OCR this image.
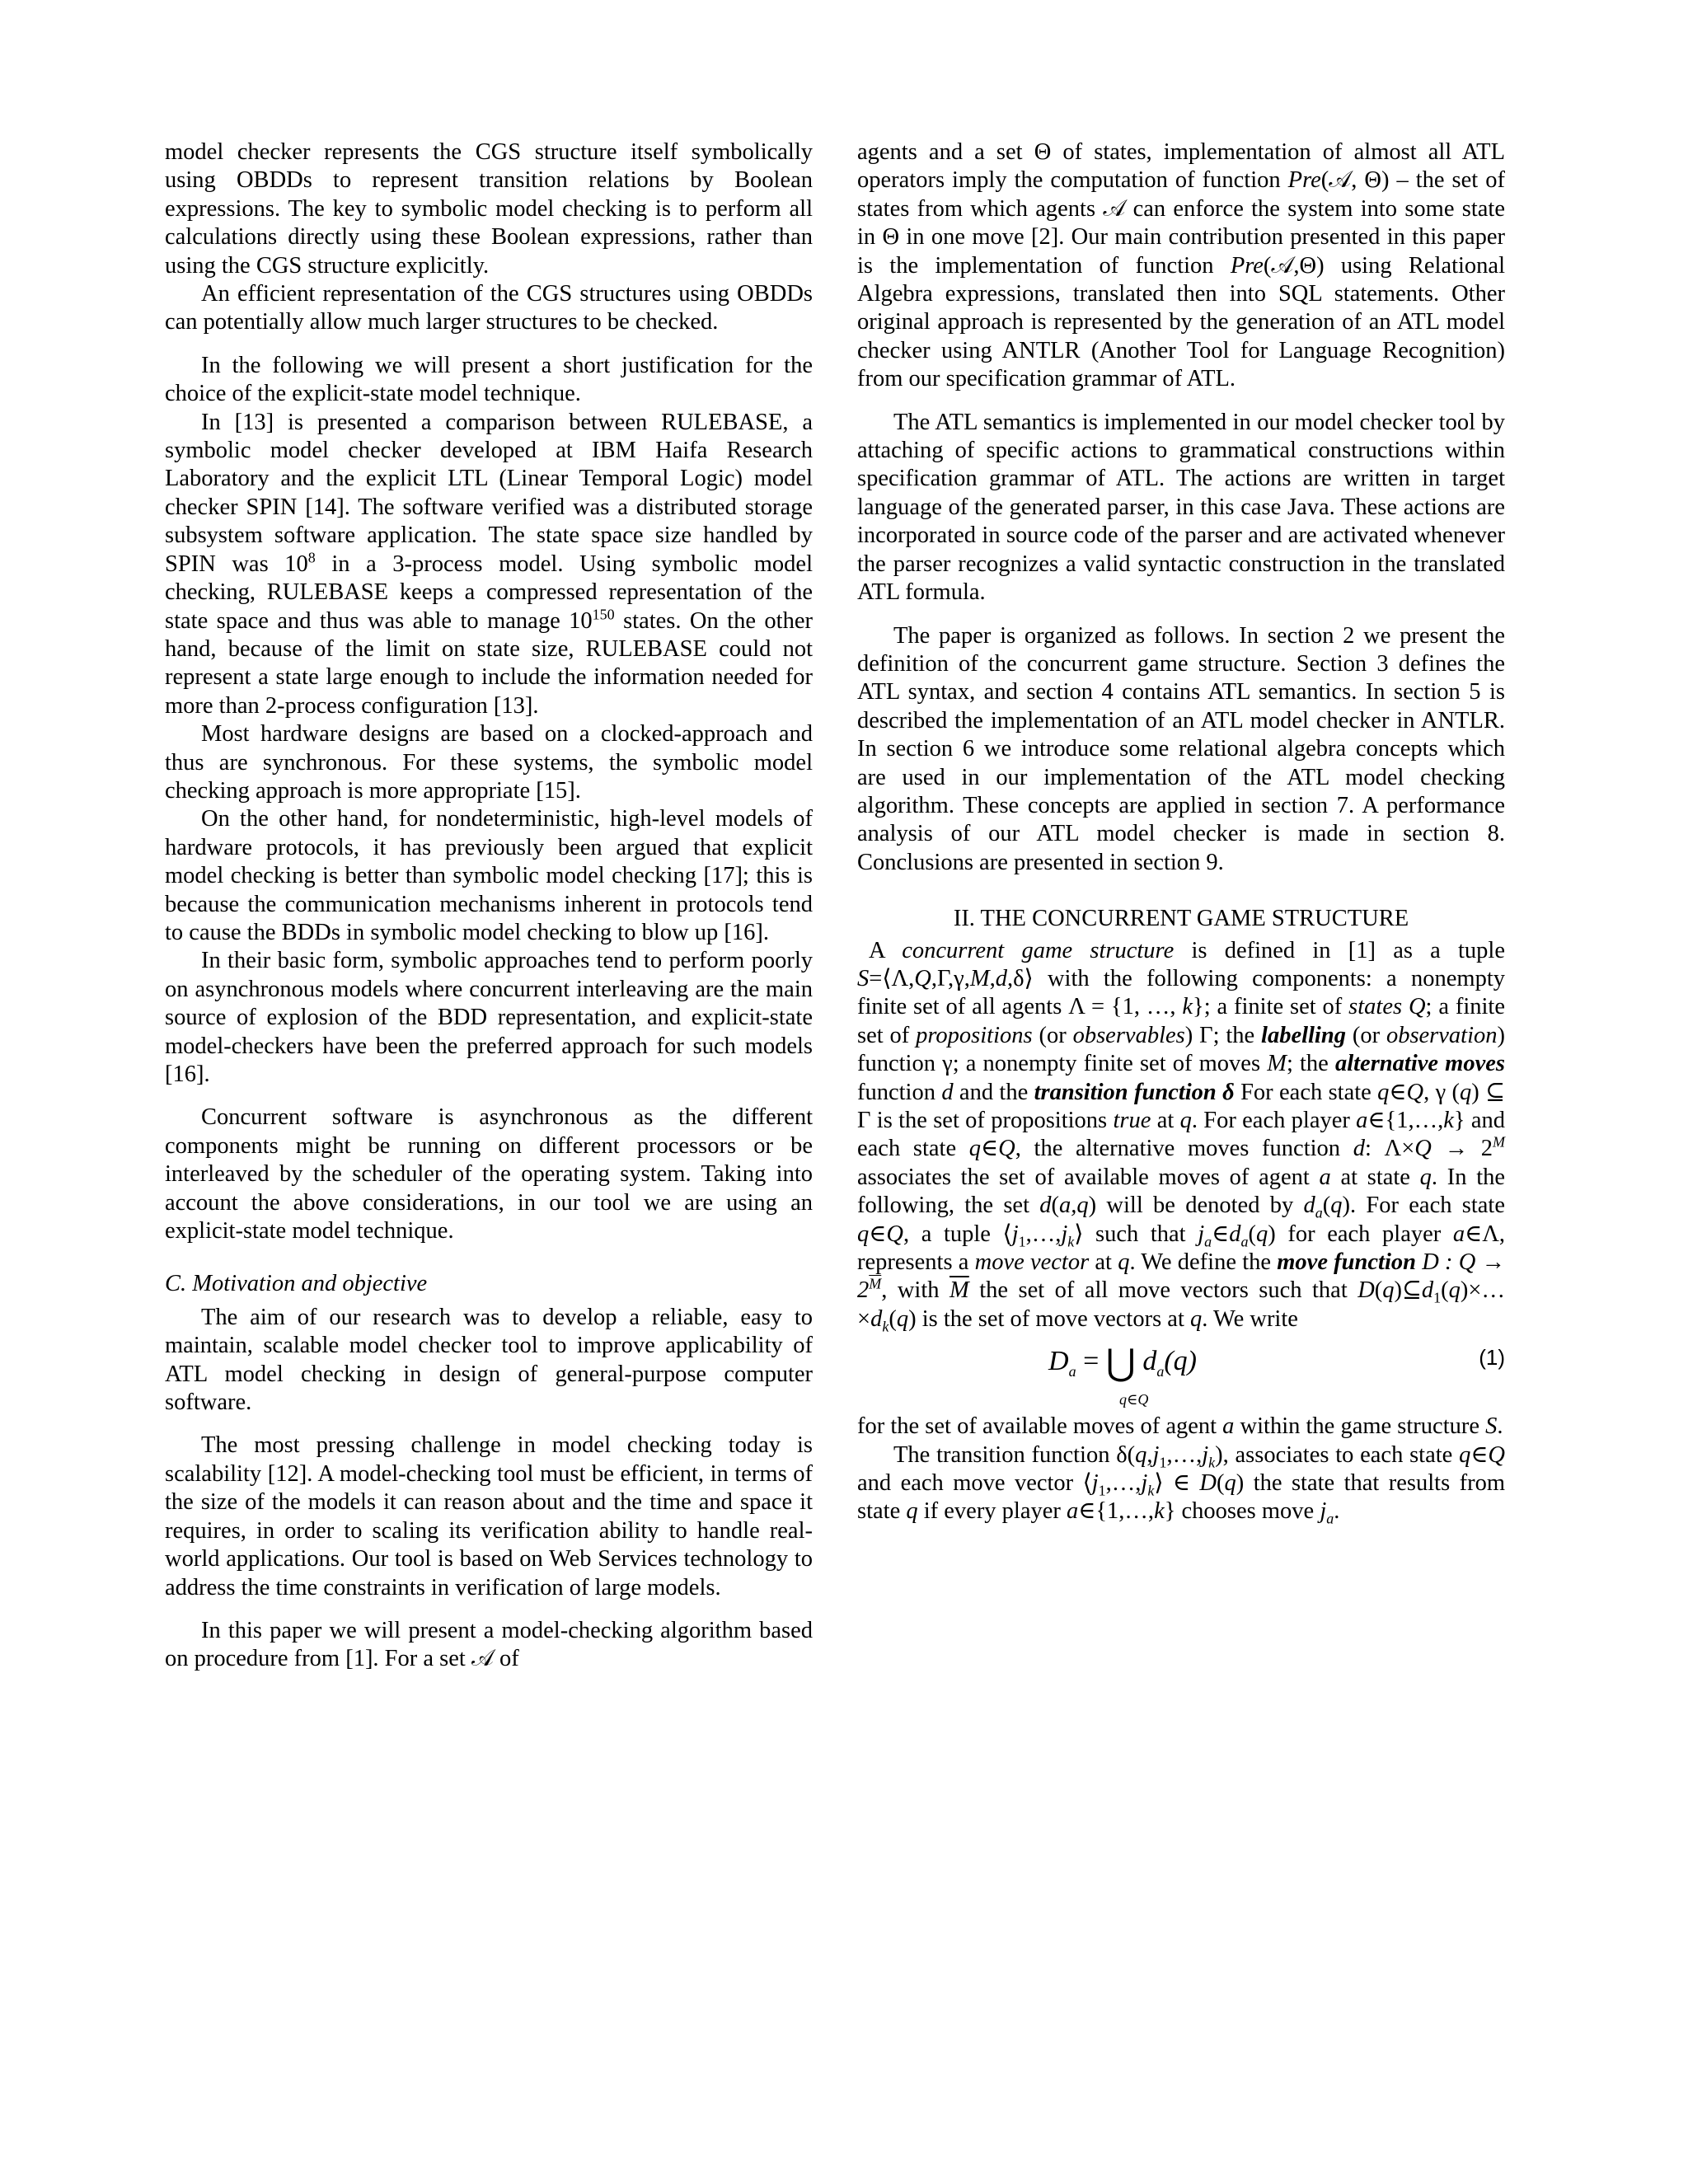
model checker represents the CGS structure itself symbolically using OBDDs to represent transition relations by Boolean expressions. The key to symbolic model checking is to perform all calculations directly using these Boolean expressions, rather than using the CGS structure explicitly.

An efficient representation of the CGS structures using OBDDs can potentially allow much larger structures to be checked.

In the following we will present a short justification for the choice of the explicit-state model technique.

In [13] is presented a comparison between RULEBASE, a symbolic model checker developed at IBM Haifa Research Laboratory and the explicit LTL (Linear Temporal Logic) model checker SPIN [14]. The software verified was a distributed storage subsystem software application. The state space size handled by SPIN was $10^8$ in a 3-process model. Using symbolic model checking, RULEBASE keeps a compressed representation of the state space and thus was able to manage $10^{150}$ states. On the other hand, because of the limit on state size, RULEBASE could not represent a state large enough to include the information needed for more than 2-process configuration [13].

Most hardware designs are based on a clocked-approach and thus are synchronous. For these systems, the symbolic model checking approach is more appropriate [15].

On the other hand, for nondeterministic, high-level models of hardware protocols, it has previously been argued that explicit model checking is better than symbolic model checking [17]; this is because the communication mechanisms inherent in protocols tend to cause the BDDs in symbolic model checking to blow up [16].

In their basic form, symbolic approaches tend to perform poorly on asynchronous models where concurrent interleaving are the main source of explosion of the BDD representation, and explicit-state model-checkers have been the preferred approach for such models [16].

Concurrent software is asynchronous as the different components might be running on different processors or be interleaved by the scheduler of the operating system. Taking into account the above considerations, in our tool we are using an explicit-state model technique.

C. Motivation and objective

The aim of our research was to develop a reliable, easy to maintain, scalable model checker tool to improve applicability of ATL model checking in design of general-purpose computer software.

The most pressing challenge in model checking today is scalability [12]. A model-checking tool must be efficient, in terms of the size of the models it can reason about and the time and space it requires, in order to scaling its verification ability to handle real-world applications. Our tool is based on Web Services technology to address the time constraints in verification of large models.

In this paper we will present a model-checking algorithm based on procedure from [1]. For a set 𝒜 of

agents and a set Θ of states, implementation of almost all ATL operators imply the computation of function Pre(𝒜, Θ) – the set of states from which agents 𝒜 can enforce the system into some state in Θ in one move [2]. Our main contribution presented in this paper is the implementation of function Pre(𝒜,Θ) using Relational Algebra expressions, translated then into SQL statements. Other original approach is represented by the generation of an ATL model checker using ANTLR (Another Tool for Language Recognition) from our specification grammar of ATL.

The ATL semantics is implemented in our model checker tool by attaching of specific actions to grammatical constructions within specification grammar of ATL. The actions are written in target language of the generated parser, in this case Java. These actions are incorporated in source code of the parser and are activated whenever the parser recognizes a valid syntactic construction in the translated ATL formula.

The paper is organized as follows. In section 2 we present the definition of the concurrent game structure. Section 3 defines the ATL syntax, and section 4 contains ATL semantics. In section 5 is described the implementation of an ATL model checker in ANTLR. In section 6 we introduce some relational algebra concepts which are used in our implementation of the ATL model checking algorithm. These concepts are applied in section 7. A performance analysis of our ATL model checker is made in section 8. Conclusions are presented in section 9.

II. THE CONCURRENT GAME STRUCTURE

A concurrent game structure is defined in [1] as a tuple S=⟨Λ,Q,Γ,γ,M,d,δ⟩ with the following components: a nonempty finite set of all agents Λ = {1, …, k}; a finite set of states Q; a finite set of propositions (or observables) Γ; the labelling (or observation) function γ; a nonempty finite set of moves M; the alternative moves function d and the transition function δ For each state q∈Q, γ (q) ⊆ Γ is the set of propositions true at q. For each player a∈{1,…,k} and each state q∈Q, the alternative moves function d: $\Lambda\times Q \to 2^M$ associates the set of available moves of agent a at state q. In the following, the set d(a,q) will be denoted by $d_a(q)$. For each state q∈Q, a tuple $⟨j_1,\dots,j_k⟩$ such that $j_a\in d_a(q)$ for each player a∈Λ, represents a move vector at q. We define the move function D : $Q \to 2^{\overline{M}}$, with $\overline{M}$ the set of all move vectors such that $D(q)⊆d_1(q)\times\dots\times d_k(q)$ is the set of move vectors at q. We write

$D_a$ = ⋃ $d_a(q)$
q∈Q
(1)

for the set of available moves of agent a within the game structure S.

The transition function $\delta(q,j_1,\dots,j_k)$, associates to each state q∈Q and each move vector $⟨j_1,\dots,j_k⟩$ ∈ D(q) the state that results from state q if every player a∈{1,…,k} chooses move $j_a$.
